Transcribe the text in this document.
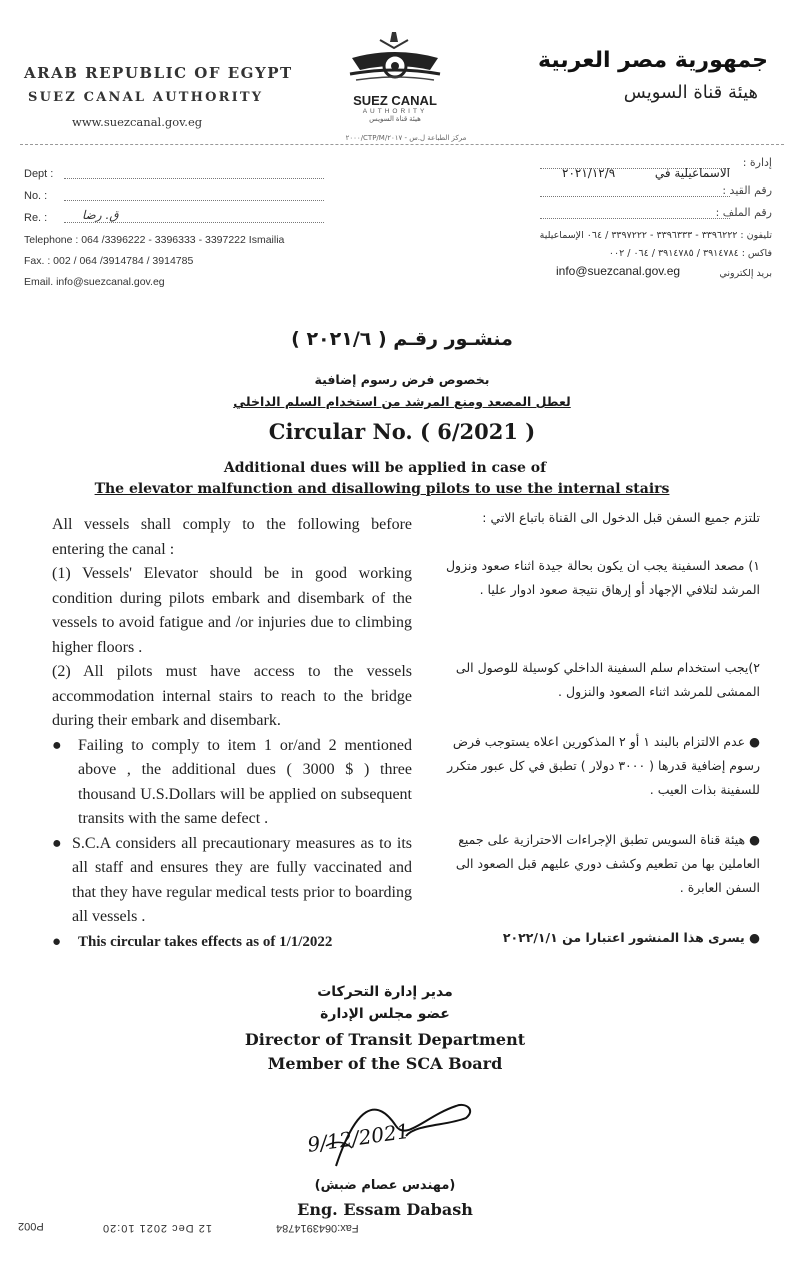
ARAB REPUBLIC OF EGYPT
SUEZ CANAL AUTHORITY
www.suezcanal.gov.eg
SUEZ CANAL
AUTHORITY
هيئة قناة السويس
جمهورية مصر العربية
هيئة قناة السويس
مركز الطباعة ل.س - ٢٠١٧/CTP/M/٢٠٠٠
Dept :
No. :
Re. :	ق. رضا
Telephone : 064 /3396222 - 3396333 - 3397222 Ismailia
Fax. : 002 / 064 /3914784 / 3914785
Email. info@suezcanal.gov.eg
إدارة :
الاسماعيلية في
٢٠٢١/١٢/٩
رقم القيد :
رقم الملف :
تليفون : ٣٣٩٦٢٢٢ - ٣٣٩٦٣٣٣ - ٣٣٩٧٢٢٢ / ٠٦٤ الإسماعيلية
فاكس : ٣٩١٤٧٨٤ / ٣٩١٤٧٨٥ / ٠٦٤ / ٠٠٢
info@suezcanal.gov.eg	بريد إلكتروني
منشـور رقـم ( ٢٠٢١/٦ )
بخصوص فرض رسوم إضافية
لعطل المصعد ومنع المرشد من استخدام السلم الداخلي
Circular No. ( 6/2021 )
Additional dues will be applied in case of
The elevator malfunction and disallowing pilots to use the internal stairs
All vessels shall comply to the following before entering the canal :
(1) Vessels' Elevator should be in good working condition during pilots embark and disembark of the vessels to avoid fatigue and /or injuries due to climbing higher floors .
(2) All pilots must have access to the vessels accommodation internal stairs to reach to the bridge during their embark and disembark.
●	Failing to comply to item 1 or/and 2 mentioned above , the additional dues ( 3000 $ ) three thousand U.S.Dollars will be applied on subsequent transits with the same defect .
● S.C.A considers all precautionary measures as to its all staff and ensures they are fully vaccinated and that they have regular medical tests prior to boarding all vessels .
●	This circular takes effects as of 1/1/2022
تلتزم جميع السفن قبل الدخول الى القناة باتباع الاتي :
١) مصعد السفينة يجب ان يكون بحالة جيدة اثناء صعود ونزول المرشد لتلافي الإجهاد أو إرهاق نتيجة صعود ادوار عليا .
٢)يجب استخدام سلم السفينة الداخلي كوسيلة للوصول الى الممشى للمرشد اثناء الصعود والنزول .
● عدم الالتزام بالبند ١ أو ٢ المذكورين اعلاه يستوجب فرض رسوم إضافية قدرها ( ٣٠٠٠ دولار ) تطبق في كل عبور متكرر للسفينة بذات العيب .
● هيئة قناة السويس تطبق الإجراءات الاحترازية على جميع العاملين بها من تطعيم وكشف دوري عليهم قبل الصعود الى السفن العابرة .
● يسرى هذا المنشور اعتبارا من ٢٠٢٢/١/١
مدير إدارة التحركات
عضو مجلس الإدارة
Director of Transit Department
Member of the SCA Board
9/12/2021
(مهندس عصام ضبش)
Eng. Essam Dabash
P002	12 Dec 2021 10:20	Fax:0643914784
